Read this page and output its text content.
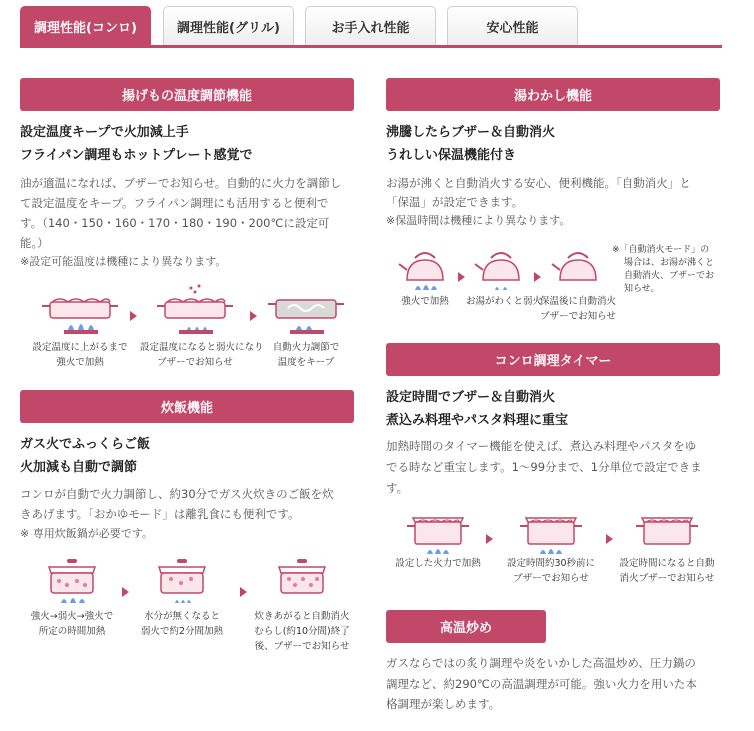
調理性能(コンロ)	調理性能(グリル)	お手入れ性能	安心性能
揚げもの温度調節機能
設定温度キープで火加減上手
フライパン調理もホットプレート感覚で
油が適温になれば、ブザーでお知らせ。自動的に火力を調節し
て設定温度をキープ。フライパン調理にも活用すると便利で
す。（140・150・160・170・180・190・200℃に設定可
能。）
※設定可能温度は機種により異なります。
設定温度に上がるまで
強火で加熱
設定温度になると弱火になり
ブザーでお知らせ
自動火力調節で
温度をキープ
炊飯機能
ガス火でふっくらご飯
火加減も自動で調節
コンロが自動で火力調節し、約30分でガス火炊きのご飯を炊
きあげます。「おかゆモード」は離乳食にも便利です。
※ 専用炊飯鍋が必要です。
強火→弱火→強火で
所定の時間加熱
水分が無くなると
弱火で約2分間加熱
炊きあがると自動消火
むらし(約10分間)終了
後、ブザーでお知らせ
湯わかし機能
沸騰したらブザー＆自動消火
うれしい保温機能付き
お湯が沸くと自動消火する安心、便利機能。「自動消火」と
「保温」が設定できます。
※保温時間は機種により異なります。
強火で加熱	お湯がわくと弱火
保温後に自動消火
ブザーでお知らせ
※「自動消火モード」の
場合は、お湯が沸くと
自動消火、ブザーでお
知らせ。
コンロ調理タイマー
設定時間でブザー＆自動消火
煮込み料理やパスタ料理に重宝
加熱時間のタイマー機能を使えば、煮込み料理やパスタをゆ
でる時など重宝します。1〜99分まで、1分単位で設定できま
す。
設定した火力で加熱	設定時間約30秒前に
ブザーでお知らせ
設定時間になると自動
消火ブザーでお知らせ
高温炒め
ガスならではの炙り調理や炎をいかした高温炒め、圧力鍋の
調理など、約290℃の高温調理が可能。強い火力を用いた本
格調理が楽しめます。
